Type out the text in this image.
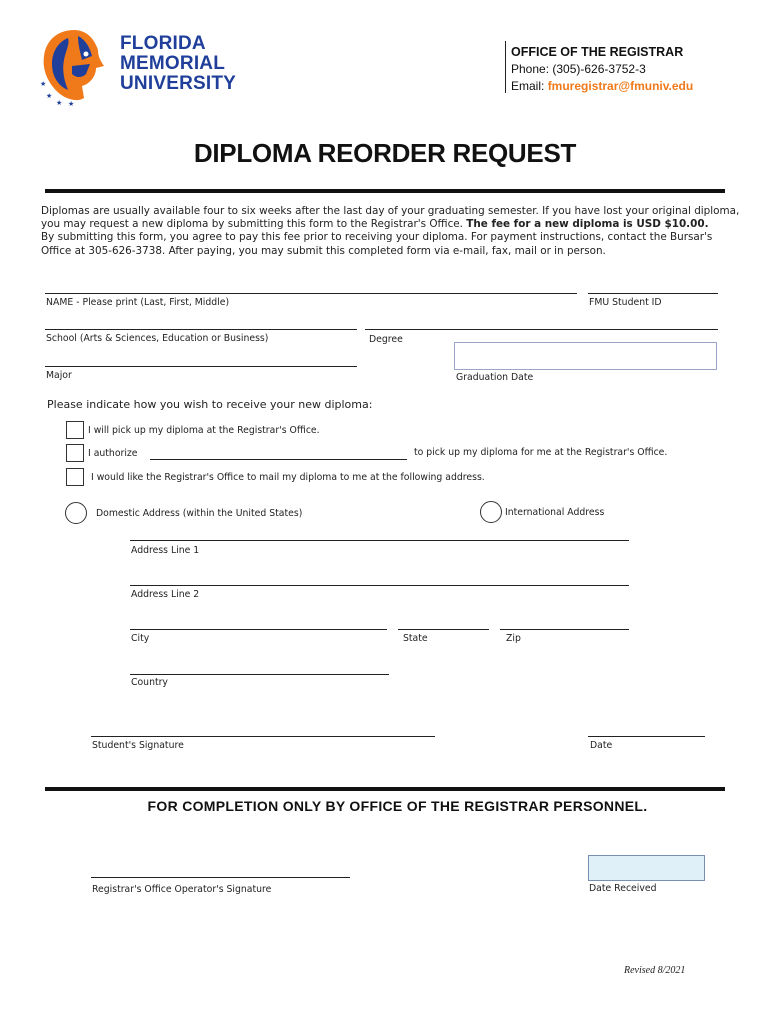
★
★
★ ★
FLORIDA
MEMORIAL
UNIVERSITY
OFFICE OF THE REGISTRAR
Phone: (305)-626-3752-3
Email: fmuregistrar@fmuniv.edu
DIPLOMA REORDER REQUEST
Diplomas are usually available four to six weeks after the last day of your graduating semester. If you have lost your original diploma, you may request a new diploma by submitting this form to the Registrar's Office. The fee for a new diploma is USD $10.00.
By submitting this form, you agree to pay this fee prior to receiving your diploma. For payment instructions, contact the Bursar's Office at 305-626-3738. After paying, you may submit this completed form via e-mail, fax, mail or in person.
NAME - Please print (Last, First, Middle)	FMU Student ID
School (Arts & Sciences, Education or Business)	Degree
Major	Graduation Date
Please indicate how you wish to receive your new diploma:
I will pick up my diploma at the Registrar's Office.
I authorize	to pick up my diploma for me at the Registrar's Office.
I would like the Registrar's Office to mail my diploma to me at the following address.
Domestic Address (within the United States)	International Address
Address Line 1
Address Line 2
City	State	Zip
Country
Student's Signature	Date
FOR COMPLETION ONLY BY OFFICE OF THE REGISTRAR PERSONNEL.
Registrar's Office Operator's Signature	Date Received
Revised 8/2021
